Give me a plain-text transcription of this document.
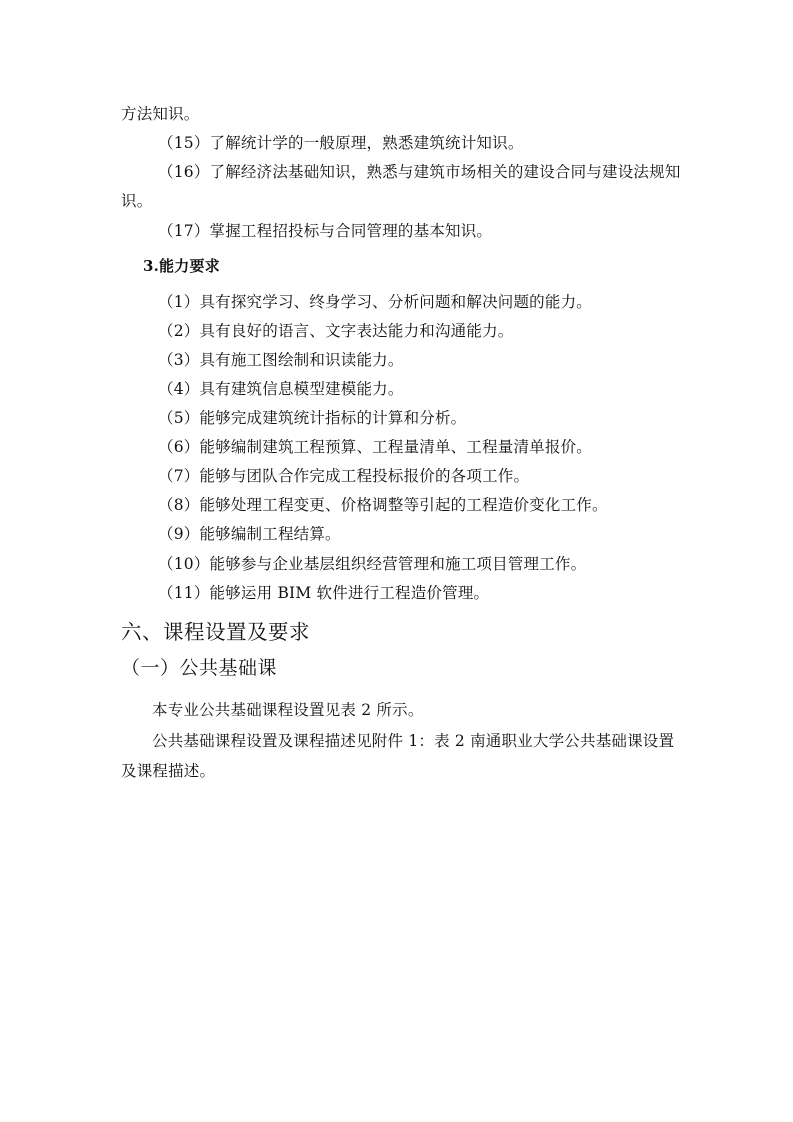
方法知识。
（15）了解统计学的一般原理，熟悉建筑统计知识。
（16）了解经济法基础知识，熟悉与建筑市场相关的建设合同与建设法规知
识。
（17）掌握工程招投标与合同管理的基本知识。
3.能力要求
（1）具有探究学习、终身学习、分析问题和解决问题的能力。
（2）具有良好的语言、文字表达能力和沟通能力。
（3）具有施工图绘制和识读能力。
（4）具有建筑信息模型建模能力。
（5）能够完成建筑统计指标的计算和分析。
（6）能够编制建筑工程预算、工程量清单、工程量清单报价。
（7）能够与团队合作完成工程投标报价的各项工作。
（8）能够处理工程变更、价格调整等引起的工程造价变化工作。
（9）能够编制工程结算。
（10）能够参与企业基层组织经营管理和施工项目管理工作。
（11）能够运用 BIM 软件进行工程造价管理。
六、课程设置及要求
（一）公共基础课
本专业公共基础课程设置见表 2 所示。
公共基础课程设置及课程描述见附件 1：表 2 南通职业大学公共基础课设置
及课程描述。
